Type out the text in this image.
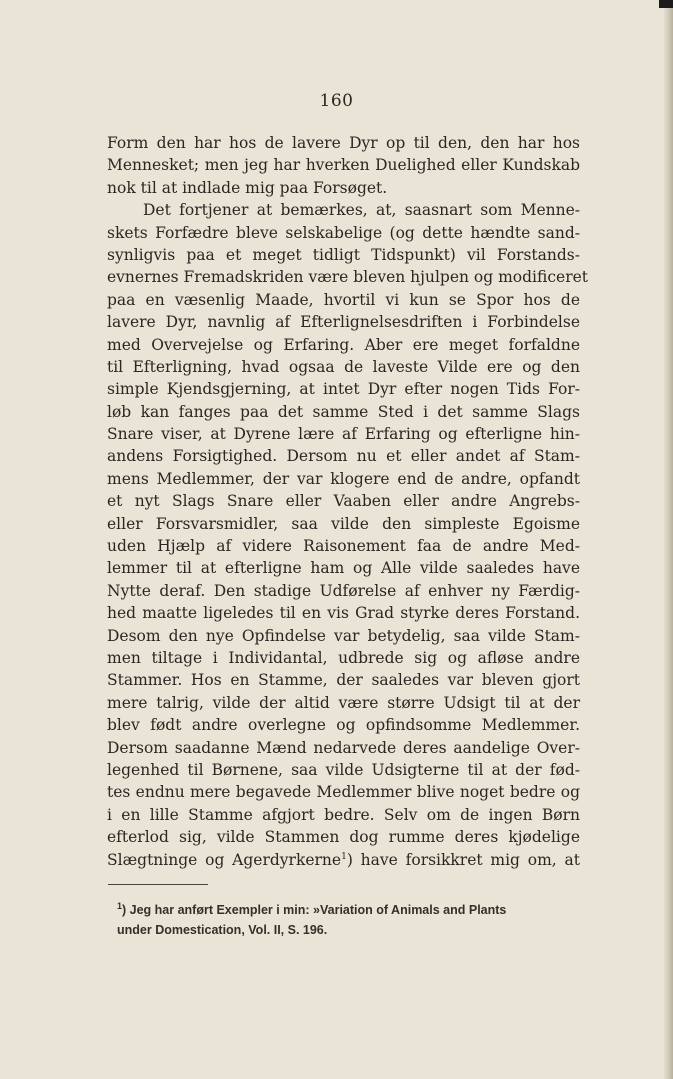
160
Form den har hos de lavere Dyr op til den, den har hos
Mennesket; men jeg har hverken Duelighed eller Kundskab
nok til at indlade mig paa Forsøget.
Det fortjener at bemærkes, at, saasnart som Menne-
skets Forfædre bleve selskabelige (og dette hændte sand-
synligvis paa et meget tidligt Tidspunkt) vil Forstands-
evnernes Fremadskriden være bleven hjulpen og modificeret
paa en væsenlig Maade, hvortil vi kun se Spor hos de
lavere Dyr, navnlig af Efterlignelsesdriften i Forbindelse
med Overvejelse og Erfaring. Aber ere meget forfaldne
til Efterligning, hvad ogsaa de laveste Vilde ere og den
simple Kjendsgjerning, at intet Dyr efter nogen Tids For-
løb kan fanges paa det samme Sted i det samme Slags
Snare viser, at Dyrene lære af Erfaring og efterligne hin-
andens Forsigtighed. Dersom nu et eller andet af Stam-
mens Medlemmer, der var klogere end de andre, opfandt
et nyt Slags Snare eller Vaaben eller andre Angrebs-
eller Forsvarsmidler, saa vilde den simpleste Egoisme
uden Hjælp af videre Raisonement faa de andre Med-
lemmer til at efterligne ham og Alle vilde saaledes have
Nytte deraf. Den stadige Udførelse af enhver ny Færdig-
hed maatte ligeledes til en vis Grad styrke deres Forstand.
Desom den nye Opfindelse var betydelig, saa vilde Stam-
men tiltage i Individantal, udbrede sig og afløse andre
Stammer. Hos en Stamme, der saaledes var bleven gjort
mere talrig, vilde der altid være større Udsigt til at der
blev født andre overlegne og opfindsomme Medlemmer.
Dersom saadanne Mænd nedarvede deres aandelige Over-
legenhed til Børnene, saa vilde Udsigterne til at der fød-
tes endnu mere begavede Medlemmer blive noget bedre og
i en lille Stamme afgjort bedre. Selv om de ingen Børn
efterlod sig, vilde Stammen dog rumme deres kjødelige
Slægtninge og Agerdyrkerne$^1$) have forsikkret mig om, at
$^1$) Jeg har anført Exempler i min: »Variation of Animals and Plants
under Domestication, Vol. II, S. 196.
